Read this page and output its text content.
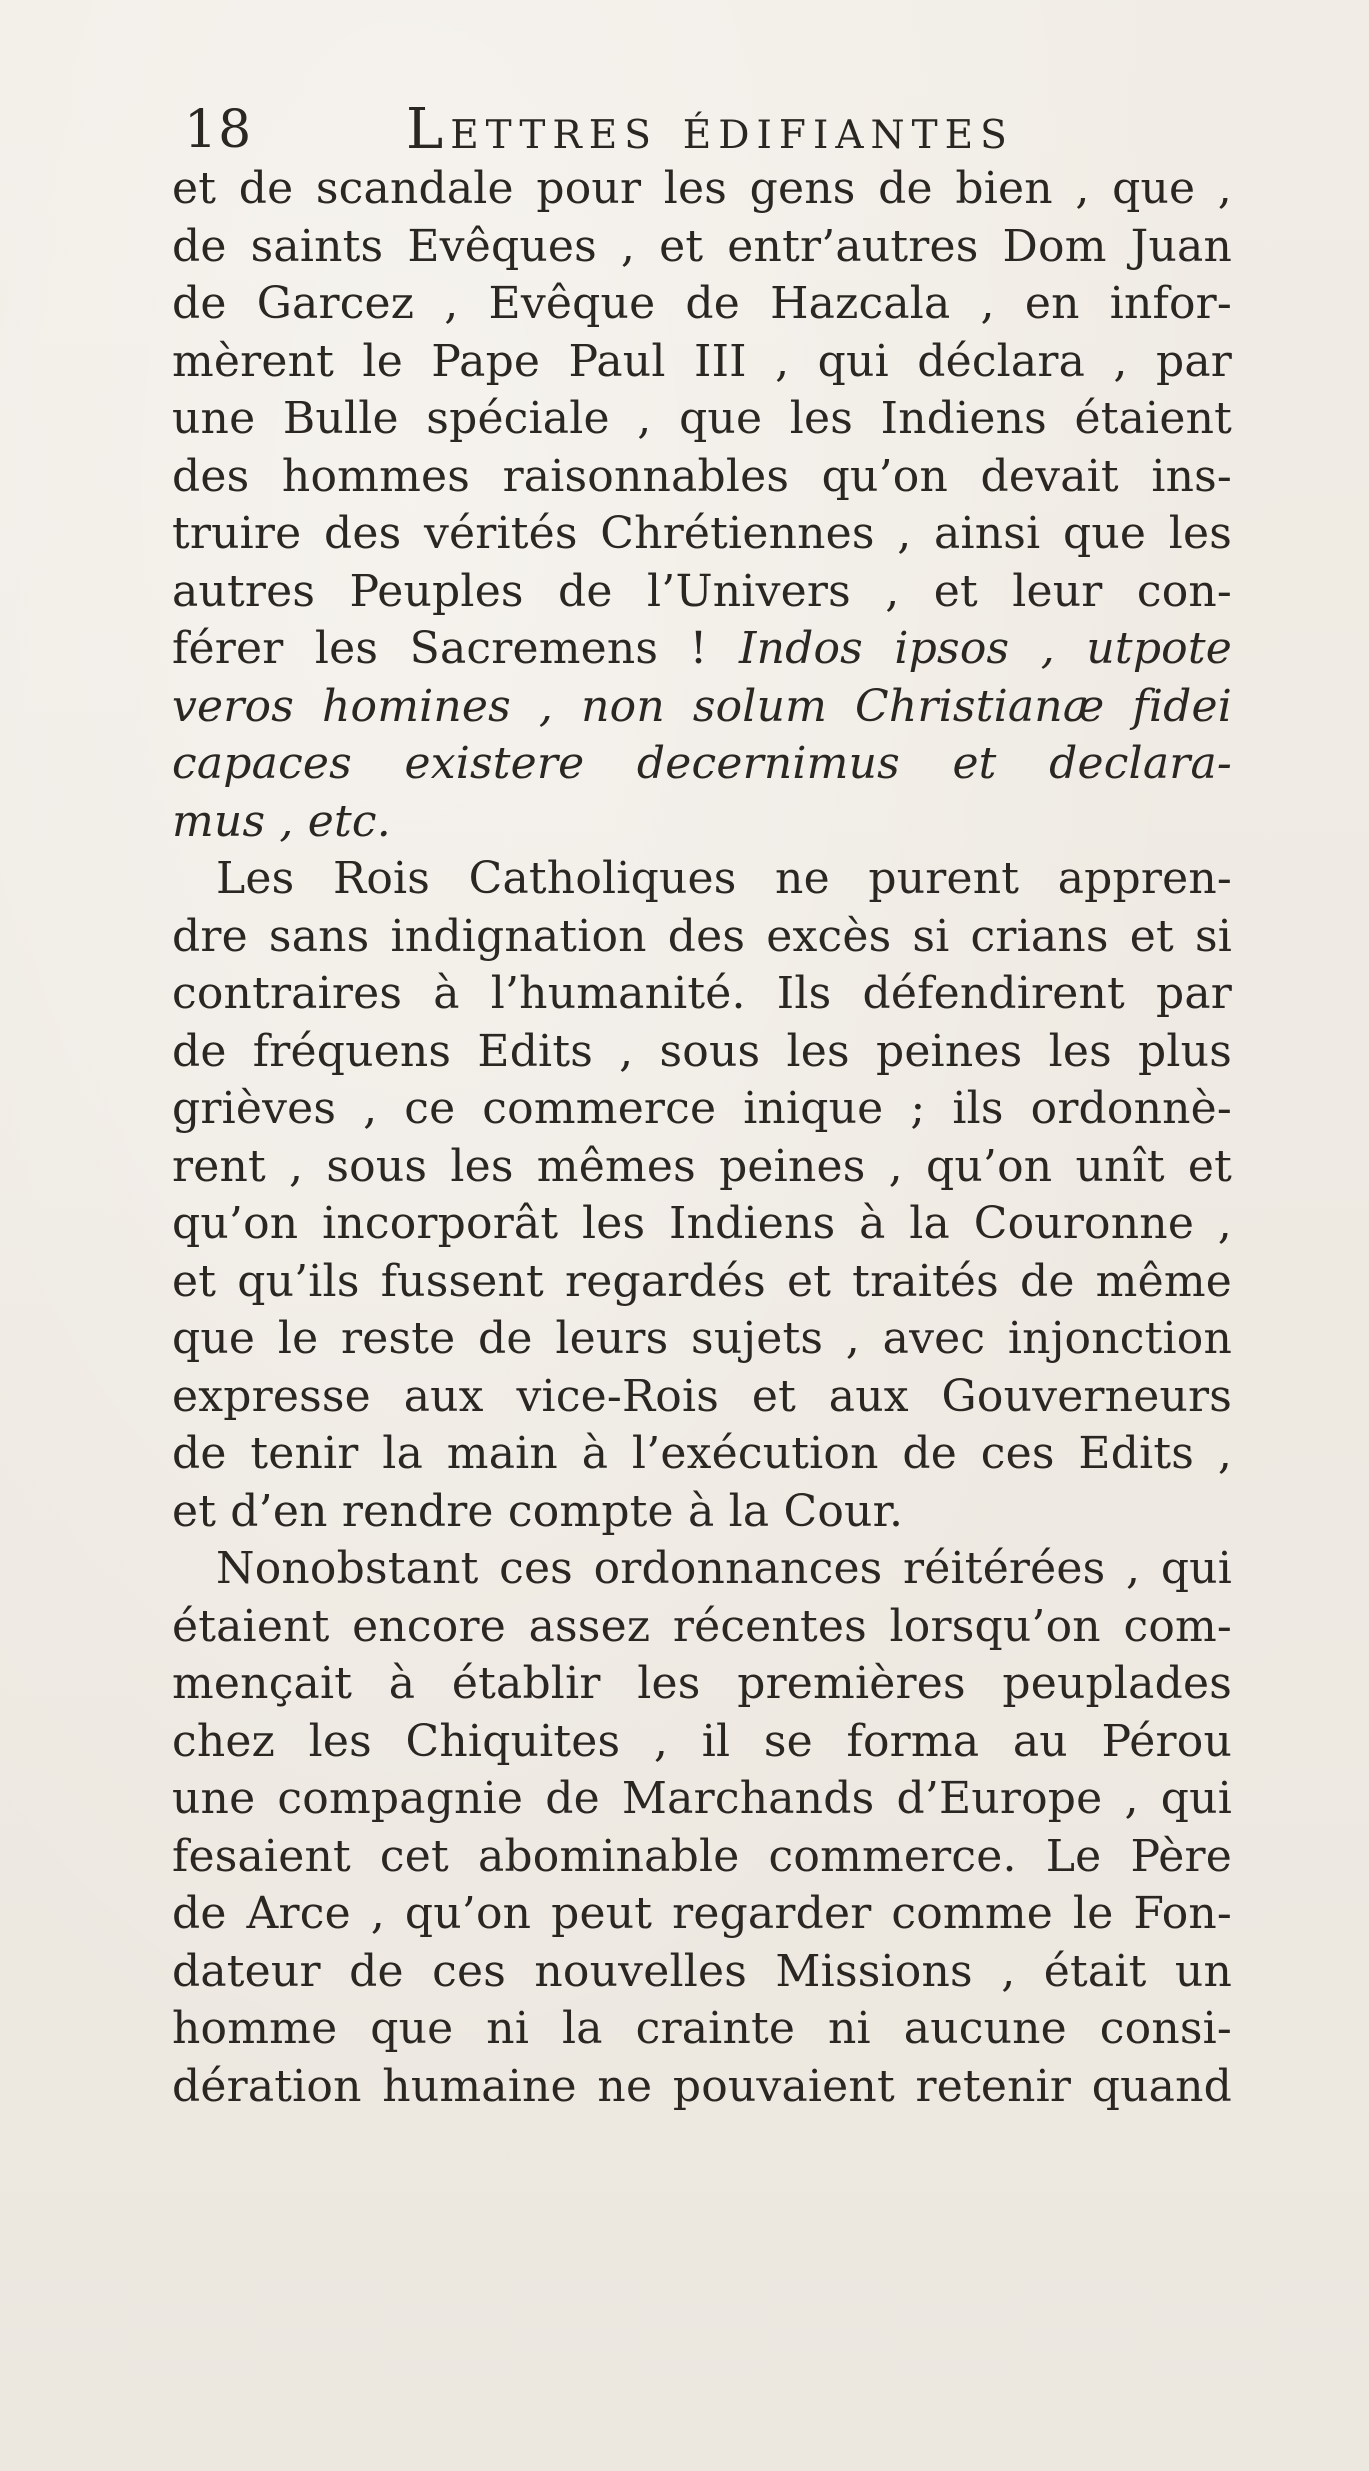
18	Lettres édifiantes
et de scandale pour les gens de bien , que ,
de saints Evêques , et entr’autres Dom Juan
de Garcez , Evêque de Hazcala , en infor-
mèrent le Pape Paul III , qui déclara , par
une Bulle spéciale , que les Indiens étaient
des hommes raisonnables qu’on devait ins-
truire des vérités Chrétiennes , ainsi que les
autres Peuples de l’Univers , et leur con-
férer les Sacremens ! Indos ipsos , utpote
veros homines , non solum Christianæ fidei
capaces existere decernimus et declara-
mus , etc.
Les Rois Catholiques ne purent appren-
dre sans indignation des excès si crians et si
contraires à l’humanité. Ils défendirent par
de fréquens Edits , sous les peines les plus
grièves , ce commerce inique ; ils ordonnè-
rent , sous les mêmes peines , qu’on unît et
qu’on incorporât les Indiens à la Couronne ,
et qu’ils fussent regardés et traités de même
que le reste de leurs sujets , avec injonction
expresse aux vice-Rois et aux Gouverneurs
de tenir la main à l’exécution de ces Edits ,
et d’en rendre compte à la Cour.
Nonobstant ces ordonnances réitérées , qui
étaient encore assez récentes lorsqu’on com-
mençait à établir les premières peuplades
chez les Chiquites , il se forma au Pérou
une compagnie de Marchands d’Europe , qui
fesaient cet abominable commerce. Le Père
de Arce , qu’on peut regarder comme le Fon-
dateur de ces nouvelles Missions , était un
homme que ni la crainte ni aucune consi-
dération humaine ne pouvaient retenir quand
